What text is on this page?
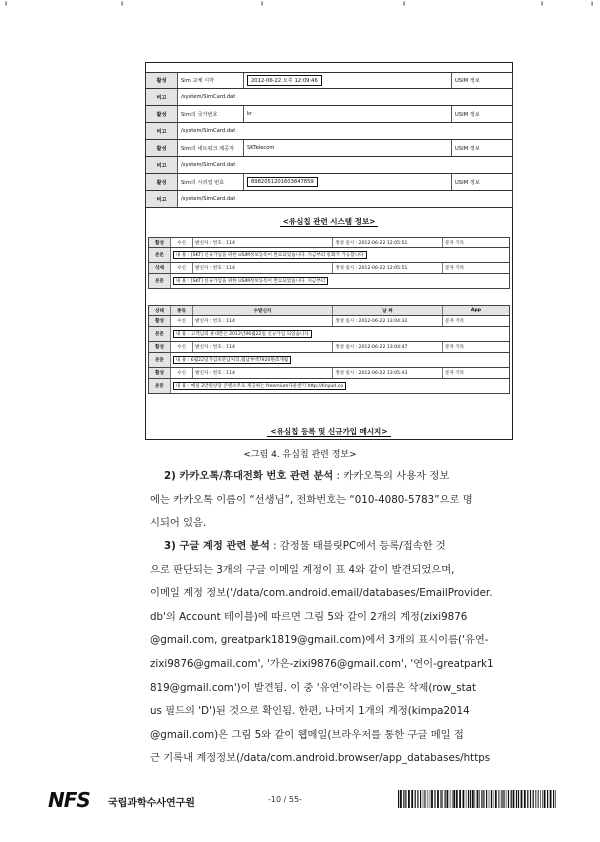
╹	╹	╹	╹	╹	╹
활성	Sim 교체 시각	2012-06-22 오후 12:09:46	USIM 정보
비고	/system/SimCard.dat
활성	Sim의 국가번호	kr	USIM 정보
비고	/system/SimCard.dat
활성	Sim의 네트워크 제공자	SKTelecom	USIM 정보
비고	/system/SimCard.dat
활성	Sim의 시리얼 번호	8982051201603847859	USIM 정보
비고	/system/SimCard.dat
<유심칩 관련 시스템 정보>
활성	수신	발신자 : 번호 : 114	생성 일시 : 2012-06-22 12:05:51	문자 기록
본문	내 용 : [SKT] 신규가입을 위한 USIM정보등록이 완료되었습니다. 지금부터 통화가 가능합니다
삭제	수신	발신자 : 번호 : 114	생성 일시 : 2012-06-22 12:05:51	문자 기록
본문	내 용 : [SKT] 신규가입을 위한 USIM정보등록이 완료되었습니다. 지금부터
상태	종류	수발신자	날 짜	App
활성	수신	발신자 : 번호 : 114	생성 일시 : 2012-06-22 13:04:32	문자 기록
본문	내 용 : 고객님의 휴대폰은 2012년06월22일 신규가입 되었습니다
활성	수신	발신자 : 번호 : 114	생성 일시 : 2012-06-22 13:04:47	문자 기록
본문	내 용 : 6월22일가입비분납처리,월납부액7920원/5개월
활성	수신	발신자 : 번호 : 114	생성 일시 : 2012-06-22 13:05:43	문자 기록
본문	내 용 : 매일 2만원상당 콘텐츠무료 제공하는 freemium다운받기 http://tinyurl.co
<유심칩 등록 및 신규가입 메시지>
<그림 4. 유심칩 관련 정보>
2) 카카오톡/휴대전화 번호 관련 분석 : 카카오톡의 사용자 정보
에는 카카오톡 이름이 “선생님”, 전화번호는 “010-4080-5783”으로 명
시되어 있음.
3) 구글 계정 관련 분석 : 감정물 태블릿PC에서 등록/접속한 것
으로 판단되는 3개의 구글 이메일 계정이 표 4와 같이 발견되었으며,
이메일 계정 정보('/data/com.android.email/databases/EmailProvider.
db'의 Account 테이블)에 따르면 그림 5와 같이 2개의 계정(zixi9876
@gmail.com, greatpark1819@gmail.com)에서 3개의 표시이름('유연-
zixi9876@gmail.com', '가은-zixi9876@gmail.com', '연이-greatpark1
819@gmail.com')이 발견됨. 이 중 '유연'이라는 이름은 삭제(row_stat
us 필드의 'D')된 것으로 확인됨. 한편, 나머지 1개의 계정(kimpa2014
@gmail.com)은 그림 5와 같이 웹메일(브라우저를 통한 구글 메일 접
근 기록내 계정정보(/data/com.android.browser/app_databases/https
NFS 국립과학수사연구원	-10 / 55-
